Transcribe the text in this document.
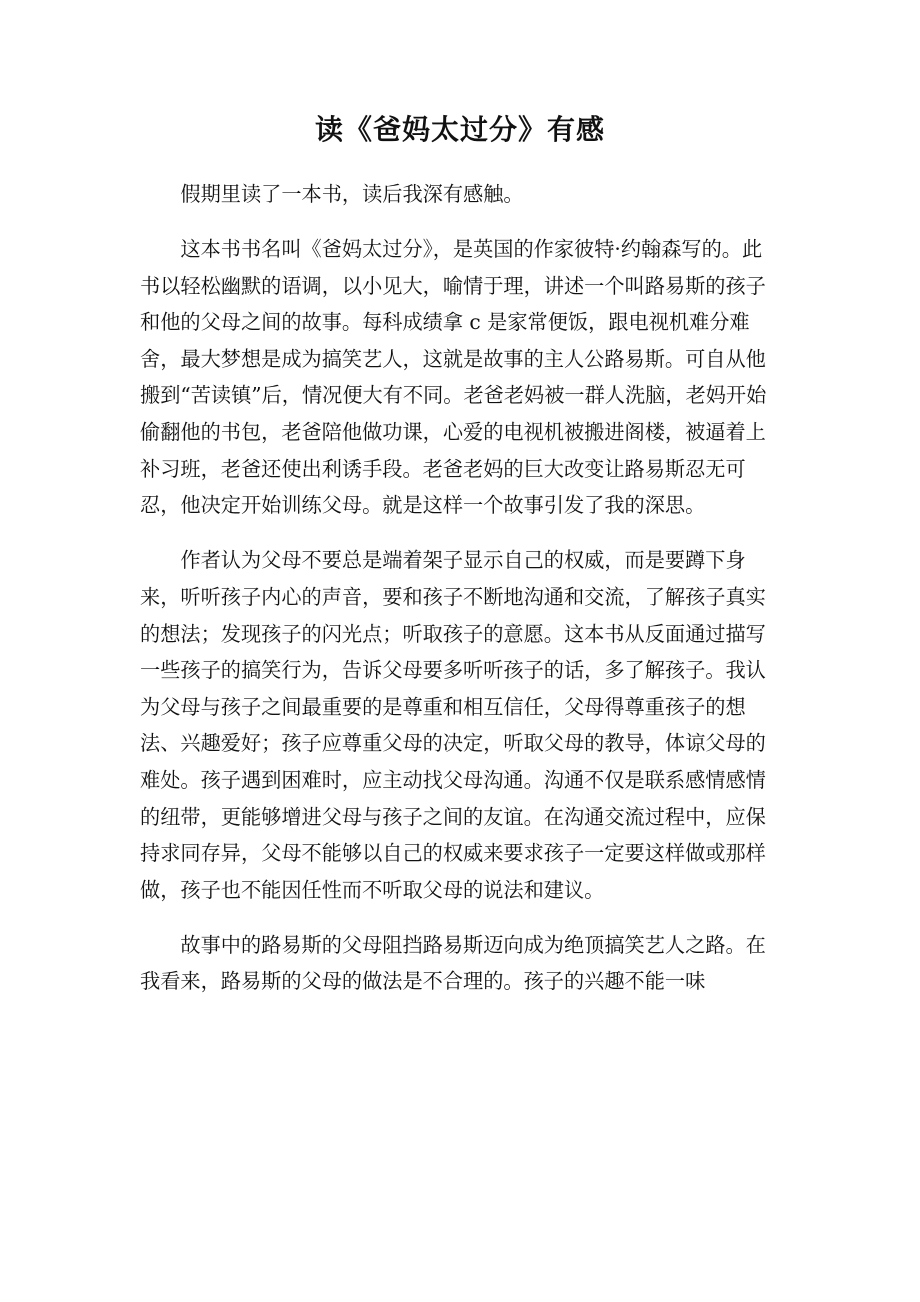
读《爸妈太过分》有感

假期里读了一本书，读后我深有感触。

这本书书名叫《爸妈太过分》，是英国的作家彼特·约翰森写的。此书以轻松幽默的语调，以小见大，喻情于理，讲述一个叫路易斯的孩子和他的父母之间的故事。每科成绩拿 c 是家常便饭，跟电视机难分难舍，最大梦想是成为搞笑艺人，这就是故事的主人公路易斯。可自从他搬到“苦读镇”后，情况便大有不同。老爸老妈被一群人洗脑，老妈开始偷翻他的书包，老爸陪他做功课，心爱的电视机被搬进阁楼，被逼着上补习班，老爸还使出利诱手段。老爸老妈的巨大改变让路易斯忍无可忍，他决定开始训练父母。就是这样一个故事引发了我的深思。

作者认为父母不要总是端着架子显示自己的权威，而是要蹲下身来，听听孩子内心的声音，要和孩子不断地沟通和交流，了解孩子真实的想法；发现孩子的闪光点；听取孩子的意愿。这本书从反面通过描写一些孩子的搞笑行为，告诉父母要多听听孩子的话，多了解孩子。我认为父母与孩子之间最重要的是尊重和相互信任，父母得尊重孩子的想法、兴趣爱好；孩子应尊重父母的决定，听取父母的教导，体谅父母的难处。孩子遇到困难时，应主动找父母沟通。沟通不仅是联系感情感情的纽带，更能够增进父母与孩子之间的友谊。在沟通交流过程中，应保持求同存异，父母不能够以自己的权威来要求孩子一定要这样做或那样做，孩子也不能因任性而不听取父母的说法和建议。

故事中的路易斯的父母阻挡路易斯迈向成为绝顶搞笑艺人之路。在我看来，路易斯的父母的做法是不合理的。孩子的兴趣不能一味
